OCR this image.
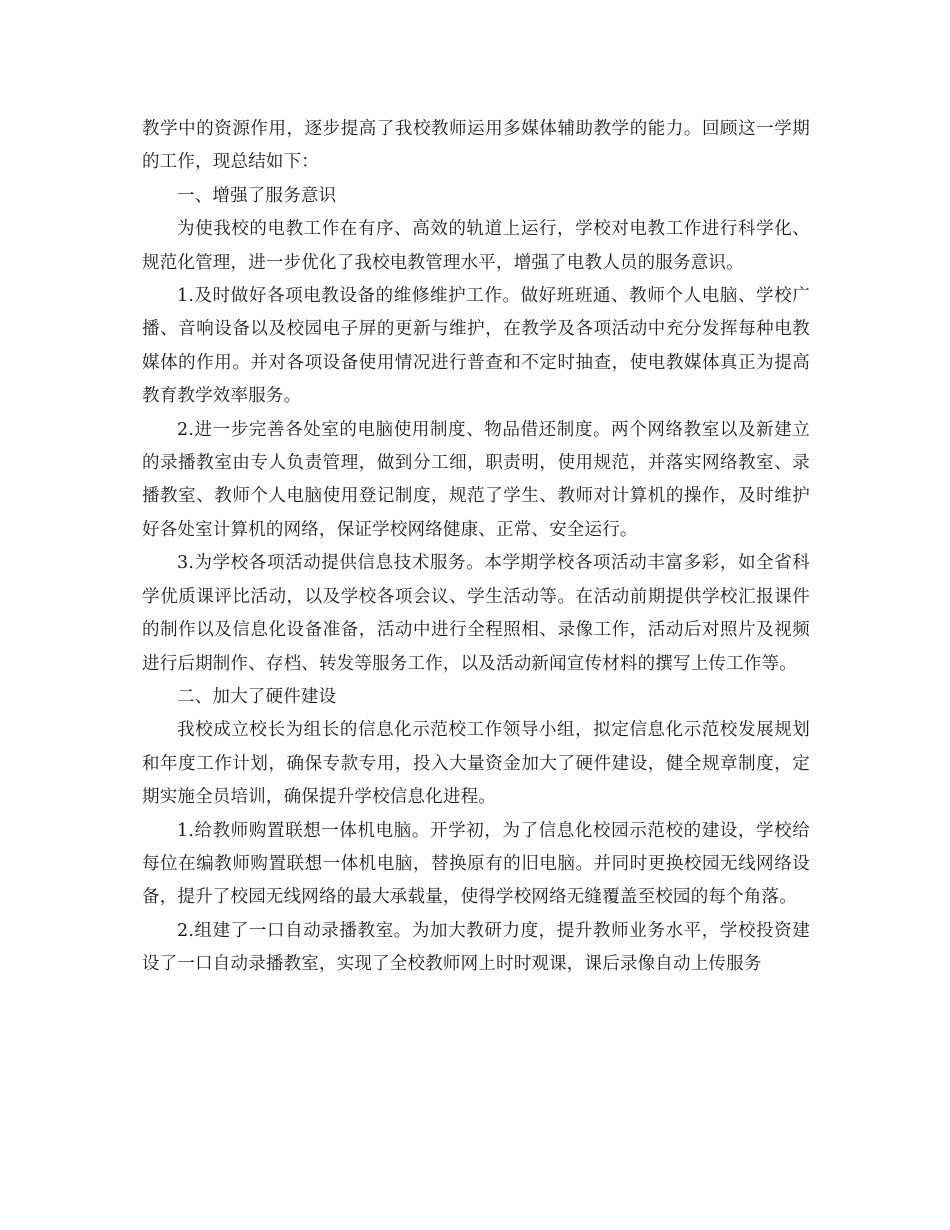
教学中的资源作用，逐步提高了我校教师运用多媒体辅助教学的能力。回顾这一学期的工作，现总结如下：

一、增强了服务意识

为使我校的电教工作在有序、高效的轨道上运行，学校对电教工作进行科学化、规范化管理，进一步优化了我校电教管理水平，增强了电教人员的服务意识。

1.及时做好各项电教设备的维修维护工作。做好班班通、教师个人电脑、学校广播、音响设备以及校园电子屏的更新与维护，在教学及各项活动中充分发挥每种电教媒体的作用。并对各项设备使用情况进行普查和不定时抽查，使电教媒体真正为提高教育教学效率服务。

2.进一步完善各处室的电脑使用制度、物品借还制度。两个网络教室以及新建立的录播教室由专人负责管理，做到分工细，职责明，使用规范，并落实网络教室、录播教室、教师个人电脑使用登记制度，规范了学生、教师对计算机的操作，及时维护好各处室计算机的网络，保证学校网络健康、正常、安全运行。

3.为学校各项活动提供信息技术服务。本学期学校各项活动丰富多彩，如全省科学优质课评比活动，以及学校各项会议、学生活动等。在活动前期提供学校汇报课件的制作以及信息化设备准备，活动中进行全程照相、录像工作，活动后对照片及视频进行后期制作、存档、转发等服务工作，以及活动新闻宣传材料的撰写上传工作等。

二、加大了硬件建设

我校成立校长为组长的信息化示范校工作领导小组，拟定信息化示范校发展规划和年度工作计划，确保专款专用，投入大量资金加大了硬件建设，健全规章制度，定期实施全员培训，确保提升学校信息化进程。

1.给教师购置联想一体机电脑。开学初，为了信息化校园示范校的建设，学校给每位在编教师购置联想一体机电脑，替换原有的旧电脑。并同时更换校园无线网络设备，提升了校园无线网络的最大承载量，使得学校网络无缝覆盖至校园的每个角落。

2.组建了一口自动录播教室。为加大教研力度，提升教师业务水平，学校投资建设了一口自动录播教室，实现了全校教师网上时时观课，课后录像自动上传服务
